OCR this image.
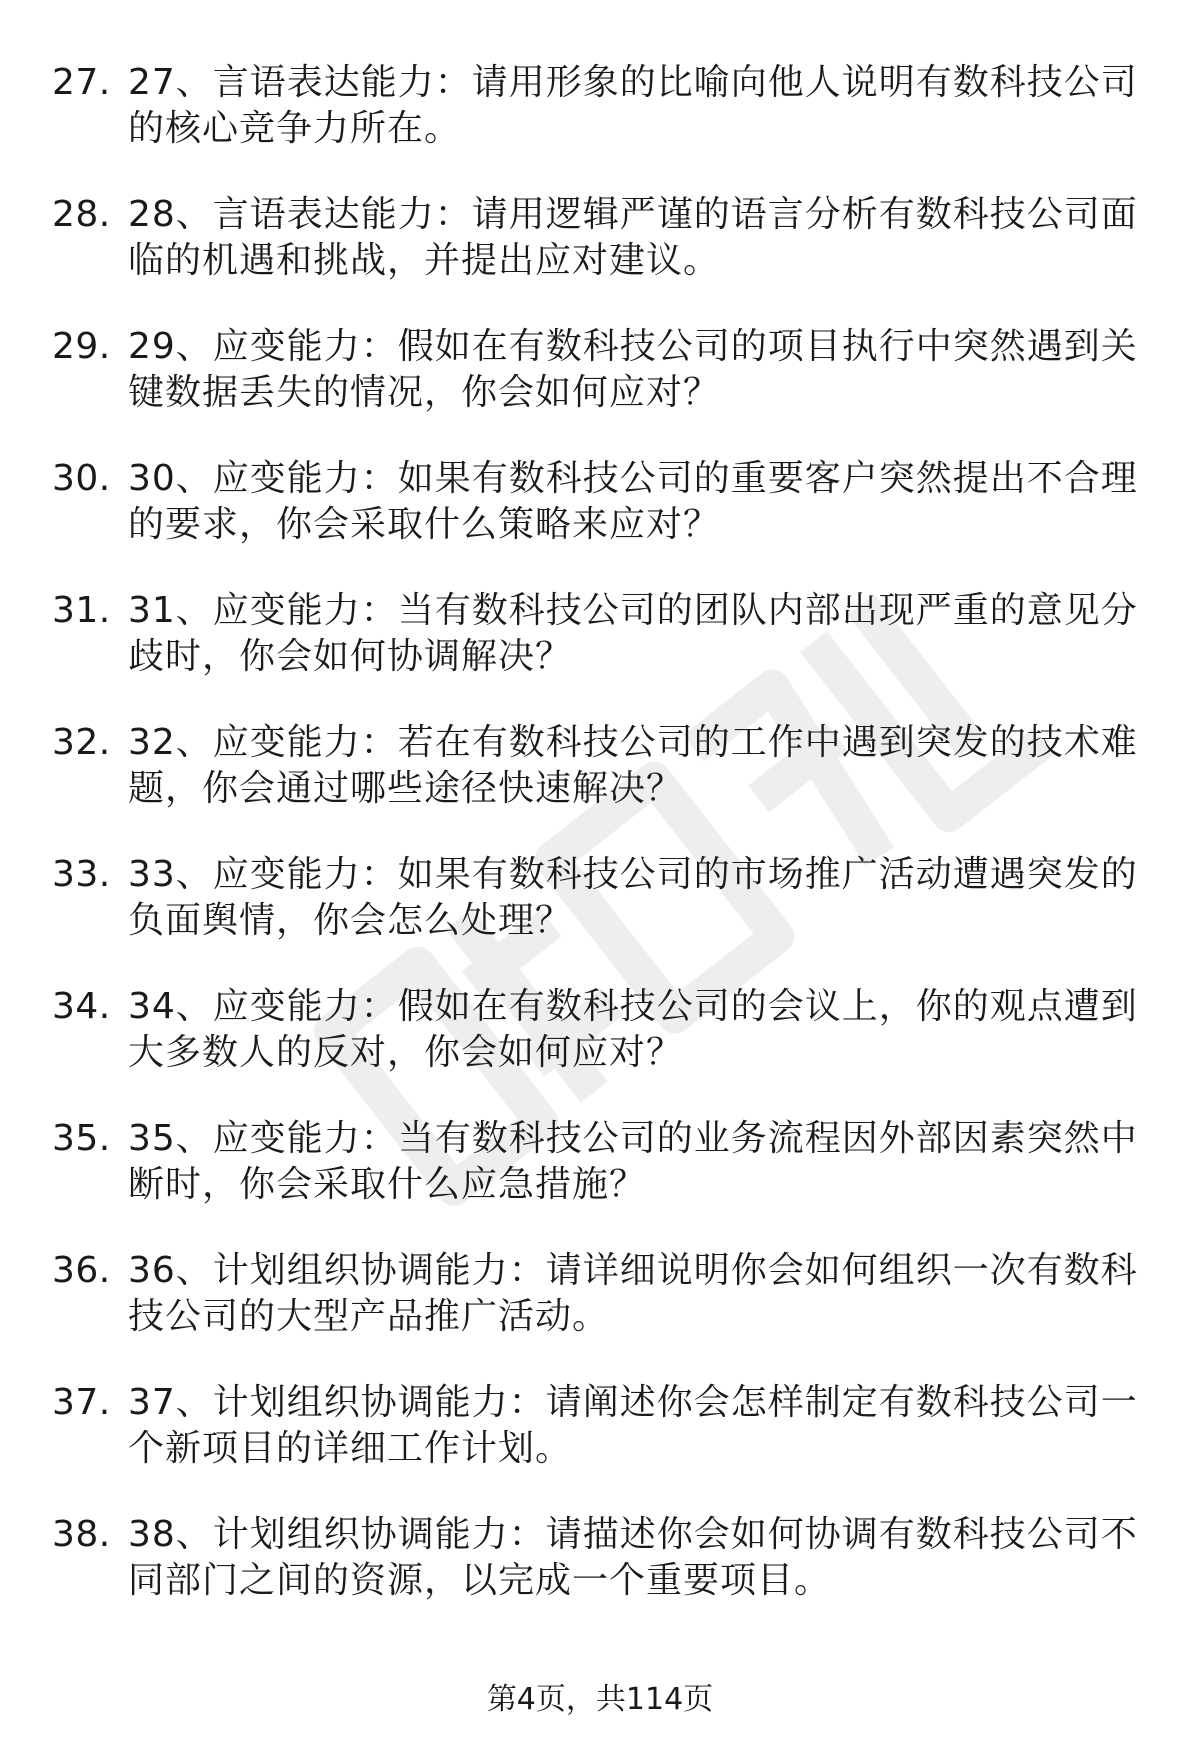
27. 27、言语表达能力：请用形象的比喻向他人说明有数科技公司的核心竞争力所在。
28. 28、言语表达能力：请用逻辑严谨的语言分析有数科技公司面临的机遇和挑战，并提出应对建议。
29. 29、应变能力：假如在有数科技公司的项目执行中突然遇到关键数据丢失的情况，你会如何应对？
30. 30、应变能力：如果有数科技公司的重要客户突然提出不合理的要求，你会采取什么策略来应对？
31. 31、应变能力：当有数科技公司的团队内部出现严重的意见分歧时，你会如何协调解决？
32. 32、应变能力：若在有数科技公司的工作中遇到突发的技术难题，你会通过哪些途径快速解决？
33. 33、应变能力：如果有数科技公司的市场推广活动遭遇突发的负面舆情，你会怎么处理？
34. 34、应变能力：假如在有数科技公司的会议上，你的观点遭到大多数人的反对，你会如何应对？
35. 35、应变能力：当有数科技公司的业务流程因外部因素突然中断时，你会采取什么应急措施？
36. 36、计划组织协调能力：请详细说明你会如何组织一次有数科技公司的大型产品推广活动。
37. 37、计划组织协调能力：请阐述你会怎样制定有数科技公司一个新项目的详细工作计划。
38. 38、计划组织协调能力：请描述你会如何协调有数科技公司不同部门之间的资源，以完成一个重要项目。
第4页，共114页
